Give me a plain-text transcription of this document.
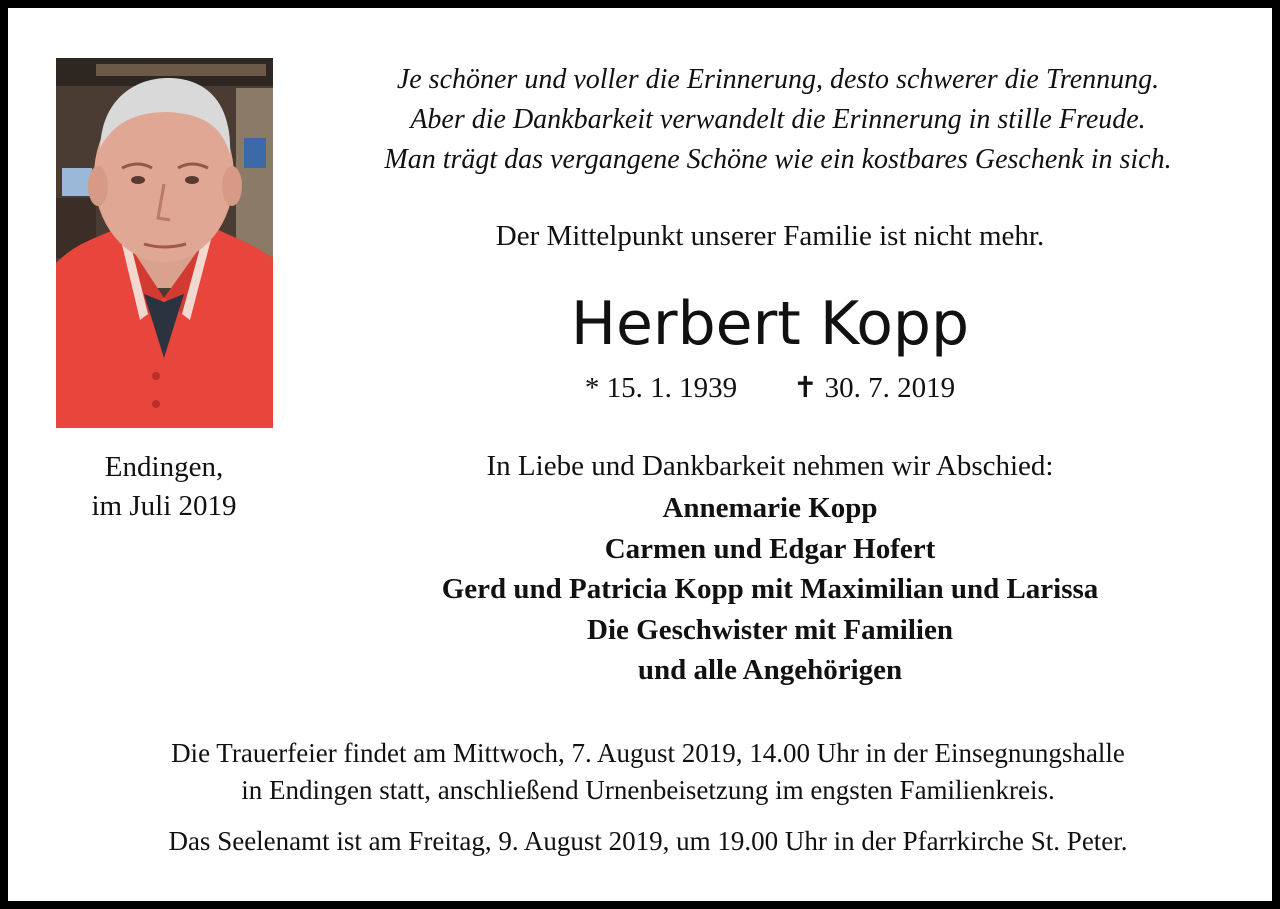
Endingen,
im Juli 2019
Je schöner und voller die Erinnerung, desto schwerer die Trennung.
Aber die Dankbarkeit verwandelt die Erinnerung in stille Freude.
Man trägt das vergangene Schöne wie ein kostbares Geschenk in sich.
Der Mittelpunkt unserer Familie ist nicht mehr.
Herbert Kopp
* 15. 1. 1939 ✝ 30. 7. 2019
In Liebe und Dankbarkeit nehmen wir Abschied:
Annemarie Kopp
Carmen und Edgar Hofert
Gerd und Patricia Kopp mit Maximilian und Larissa
Die Geschwister mit Familien
und alle Angehörigen
Die Trauerfeier findet am Mittwoch, 7. August 2019, 14.00 Uhr in der Einsegnungshalle
in Endingen statt, anschließend Urnenbeisetzung im engsten Familienkreis.
Das Seelenamt ist am Freitag, 9. August 2019, um 19.00 Uhr in der Pfarrkirche St. Peter.
